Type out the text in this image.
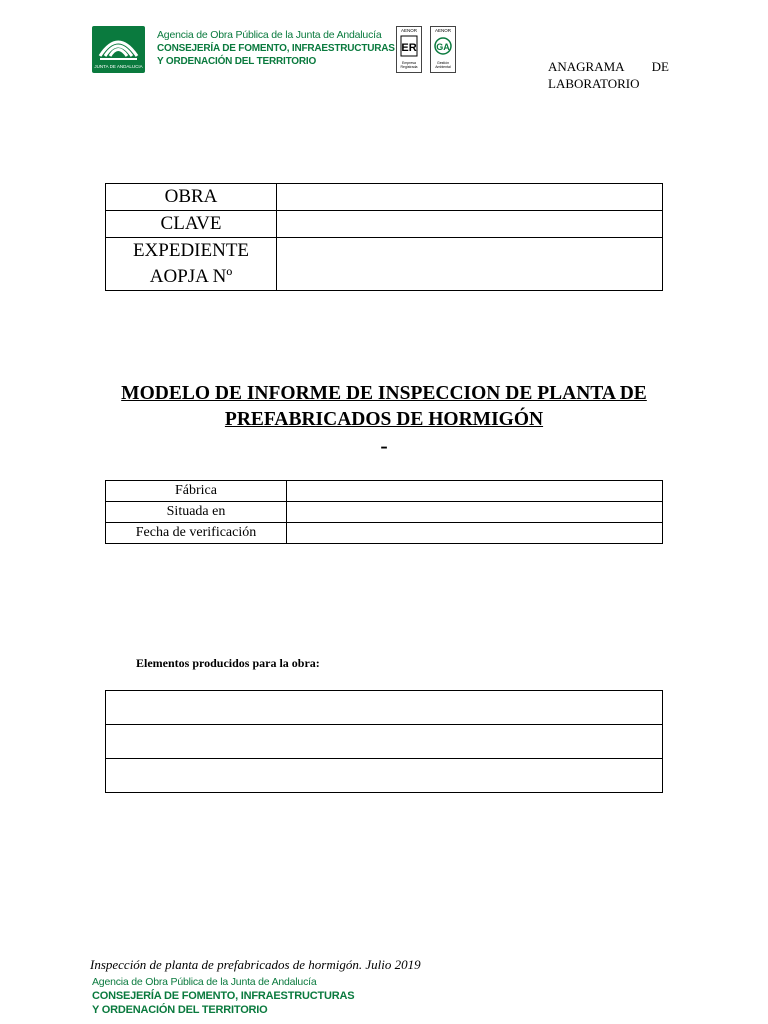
JUNTA DE ANDALUCIA
Agencia de Obra Pública de la Junta de Andalucía
CONSEJERÍA DE FOMENTO, INFRAESTRUCTURAS
Y ORDENACIÓN DEL TERRITORIO
AENOR
ER
Empresa Registrada
AENOR
GA
Gestión Ambiental	ANAGRAMA DE
LABORATORIO
OBRA	
CLAVE	

EXPEDIENTE
AOPJA Nº	

MODELO DE INFORME DE INSPECCION DE PLANTA DE
PREFABRICADOS DE HORMIGÓN
-
Fábrica	
Situada en	
Fecha de verificación	
Elementos producidos para la obra:

Inspección de planta de prefabricados de hormigón. Julio 2019
Agencia de Obra Pública de la Junta de Andalucía
CONSEJERÍA DE FOMENTO, INFRAESTRUCTURAS
Y ORDENACIÓN DEL TERRITORIO
